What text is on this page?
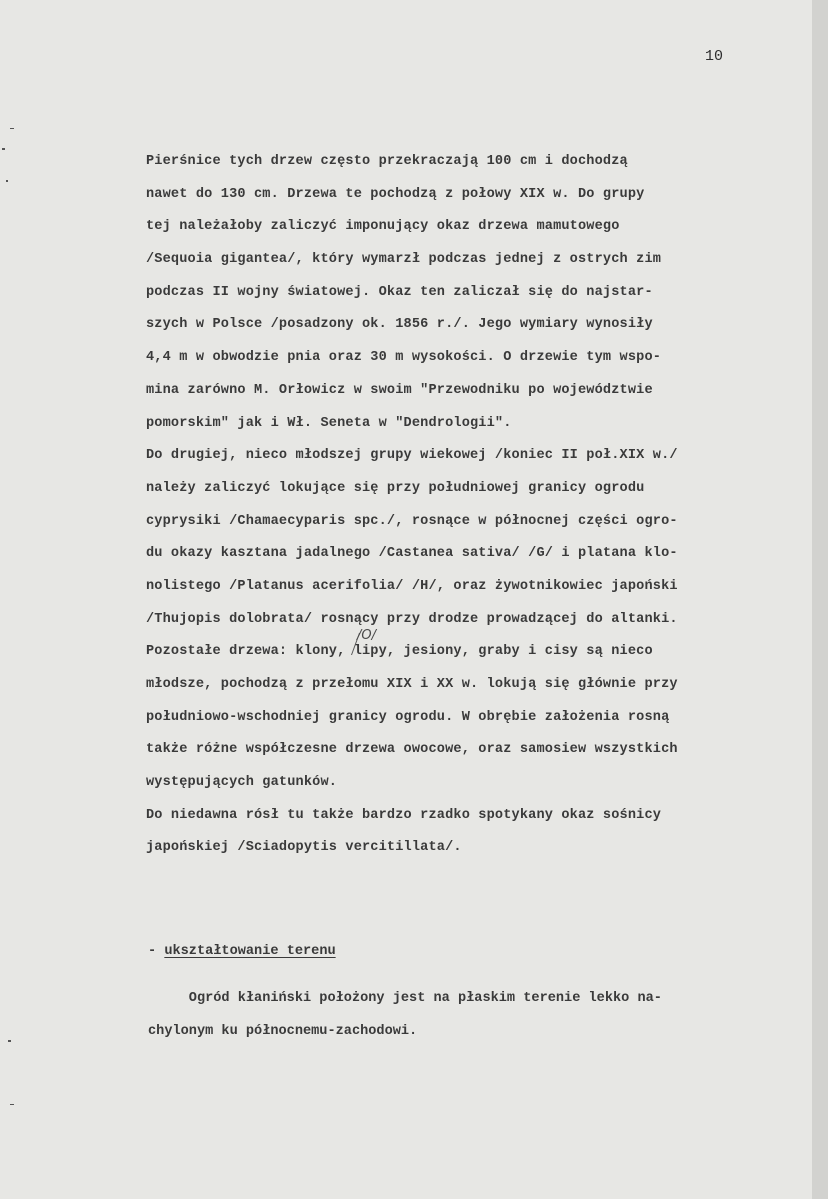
10
Pierśnice tych drzew często przekraczają 100 cm i dochodzą
nawet do 130 cm. Drzewa te pochodzą z połowy XIX w. Do grupy
tej należałoby zaliczyć imponujący okaz drzewa mamutowego
/Sequoia gigantea/, który wymarzł podczas jednej z ostrych zim
podczas II wojny światowej. Okaz ten zaliczał się do najstar-
szych w Polsce /posadzony ok. 1856 r./. Jego wymiary wynosiły
4,4 m w obwodzie pnia oraz 30 m wysokości. O drzewie tym wspo-
mina zarówno M. Orłowicz w swoim "Przewodniku po województwie
pomorskim" jak i Wł. Seneta w "Dendrologii".
Do drugiej, nieco młodszej grupy wiekowej /koniec II poł.XIX w./
należy zaliczyć lokujące się przy południowej granicy ogrodu
cyprysiki /Chamaecyparis spc./, rosnące w północnej części ogro-
du okazy kasztana jadalnego /Castanea sativa/ /G/ i platana klo-
nolistego /Platanus acerifolia/ /H/, oraz żywotnikowiec japoński
/Thujopis dolobrata/ rosnący przy drodze prowadzącej do altanki.
Pozostałe drzewa: klony, lipy, jesiony, graby i cisy są nieco
młodsze, pochodzą z przełomu XIX i XX w. lokują się głównie przy
południowo-wschodniej granicy ogrodu. W obrębie założenia rosną
także różne współczesne drzewa owocowe, oraz samosiew wszystkich
występujących gatunków.
Do niedawna rósł tu także bardzo rzadko spotykany okaz sośnicy
japońskiej /Sciadopytis vercitillata/.
/O/
- ukształtowanie terenu
Ogród kłaniński położony jest na płaskim terenie lekko na-
chylonym ku północnemu-zachodowi.
